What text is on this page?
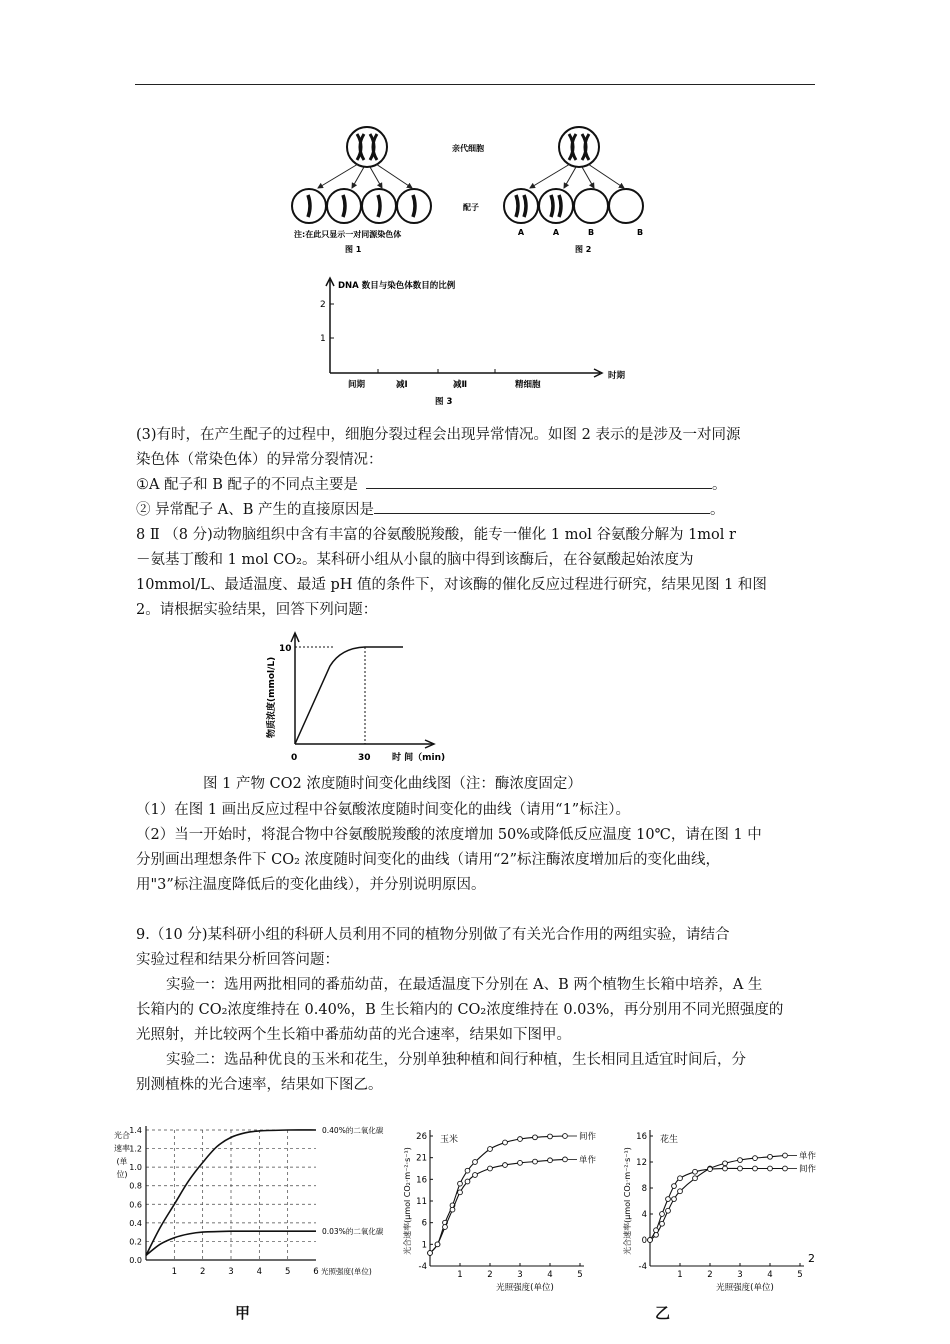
亲代细胞
配子
注:在此只显示一对同源染色体
图 1
A	A	B	B
图 2
DNA 数目与染色体数目的比例
2
1
间期	减Ⅰ	减Ⅱ	精细胞
时期
图 3
(3)有时，在产生配子的过程中，细胞分裂过程会出现异常情况。如图 2 表示的是涉及一对同源
染色体（常染色体）的异常分裂情况：
①A 配子和 B 配子的不同点主要是	。
② 异常配子 A、B 产生的直接原因是	。
8 Ⅱ （8 分)动物脑组织中含有丰富的谷氨酸脱羧酸，能专一催化 1 mol 谷氨酸分解为 1mol r
－氨基丁酸和 1 mol CO₂。某科研小组从小鼠的脑中得到该酶后，在谷氨酸起始浓度为
10mmol/L、最适温度、最适 pH 值的条件下，对该酶的催化反应过程进行研究，结果见图 1 和图
2。请根据实验结果，回答下列问题：
10
0	30 时 间（min)
物质浓度(mmol/L)
图 1 产物 CO2 浓度随时间变化曲线图（注：酶浓度固定）
（1）在图 1 画出反应过程中谷氨酸浓度随时间变化的曲线（请用“1”标注）。
（2）当一开始时，将混合物中谷氨酸脱羧酸的浓度增加 50%或降低反应温度 10℃，请在图 1 中
分别画出理想条件下 CO₂ 浓度随时间变化的曲线（请用“2”标注酶浓度增加后的变化曲线，
用"3”标注温度降低后的变化曲线），并分别说明原因。
9.（10 分)某科研小组的科研人员利用不同的植物分别做了有关光合作用的两组实验，请结合
实验过程和结果分析回答问题：
实验一：选用两批相同的番茄幼苗，在最适温度下分别在 A、B 两个植物生长箱中培养，A 生
长箱内的 CO₂浓度维持在 0.40%，B 生长箱内的 CO₂浓度维持在 0.03%，再分别用不同光照强度的
光照射，并比较两个生长箱中番茄幼苗的光合速率，结果如下图甲。
实验二：选品种优良的玉米和花生，分别单独种植和间行种植，生长相同且适宜时间后，分
别测植株的光合速率，结果如下图乙。
0.0
0.2
0.4
0.6
0.8
1.0
1.2
1.4
1	2	3	4	5	6
0.40%的二氧化碳
0.03%的二氧化碳
光照强度(单位)
光合
速率
(单
位)
甲
26
21
16
11
6
1
-4
1	2	3	4	5
间作
单作
玉米
光照强度(单位)
光合速率(μmol CO₂·m⁻²·s⁻¹)
16
12
8
4
0
-4
1	2	3	4	5
单作
间作
花生
光照强度(单位)
光合速率(μmol CO₂·m⁻²·s⁻¹)
2
乙
